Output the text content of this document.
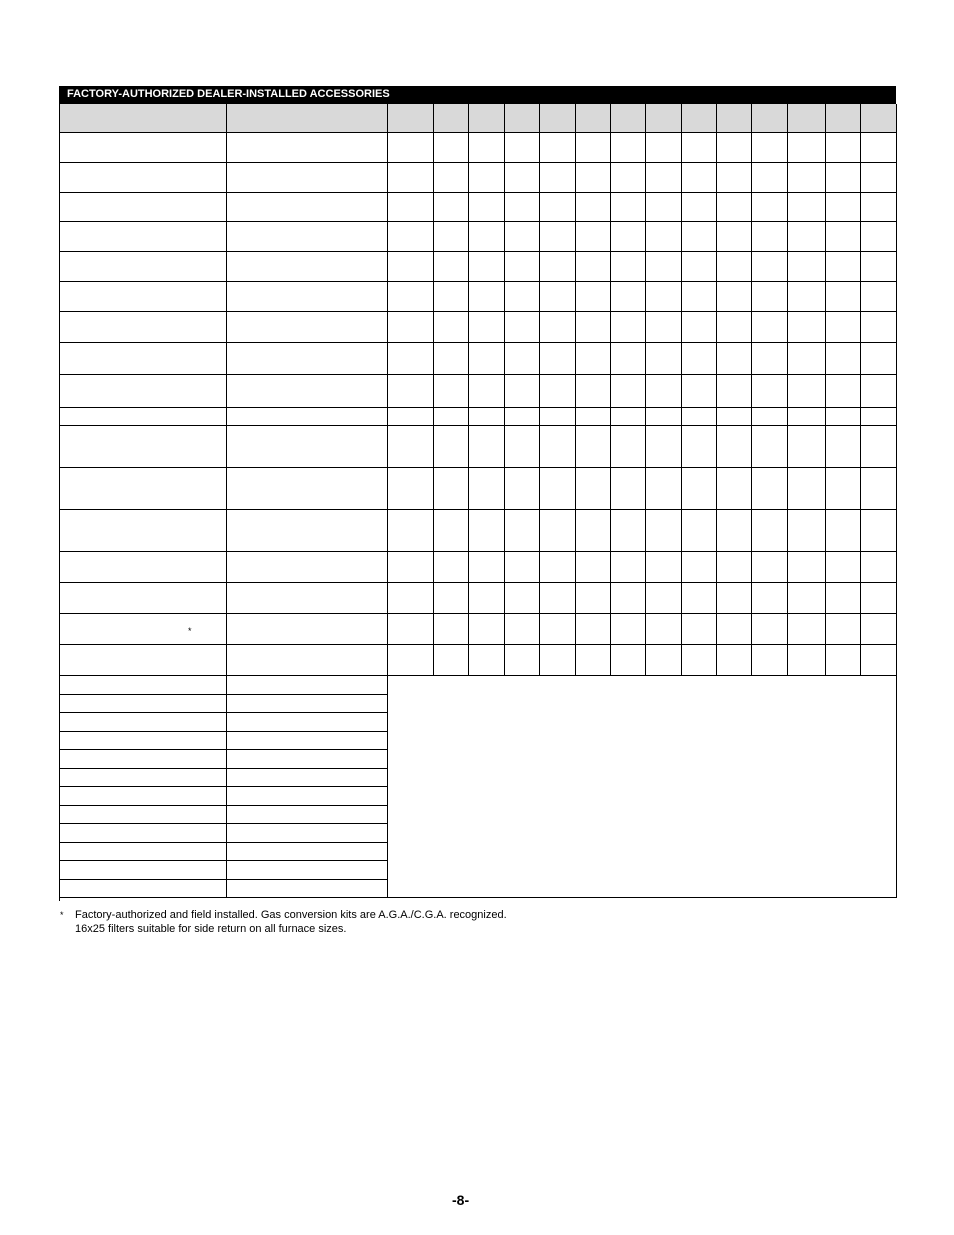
FACTORY-AUTHORIZED DEALER-INSTALLED ACCESSORIES
*
* Factory-authorized and field installed. Gas conversion kits are A.G.A./C.G.A. recognized.
16x25 filters suitable for side return on all furnace sizes.
-8-
